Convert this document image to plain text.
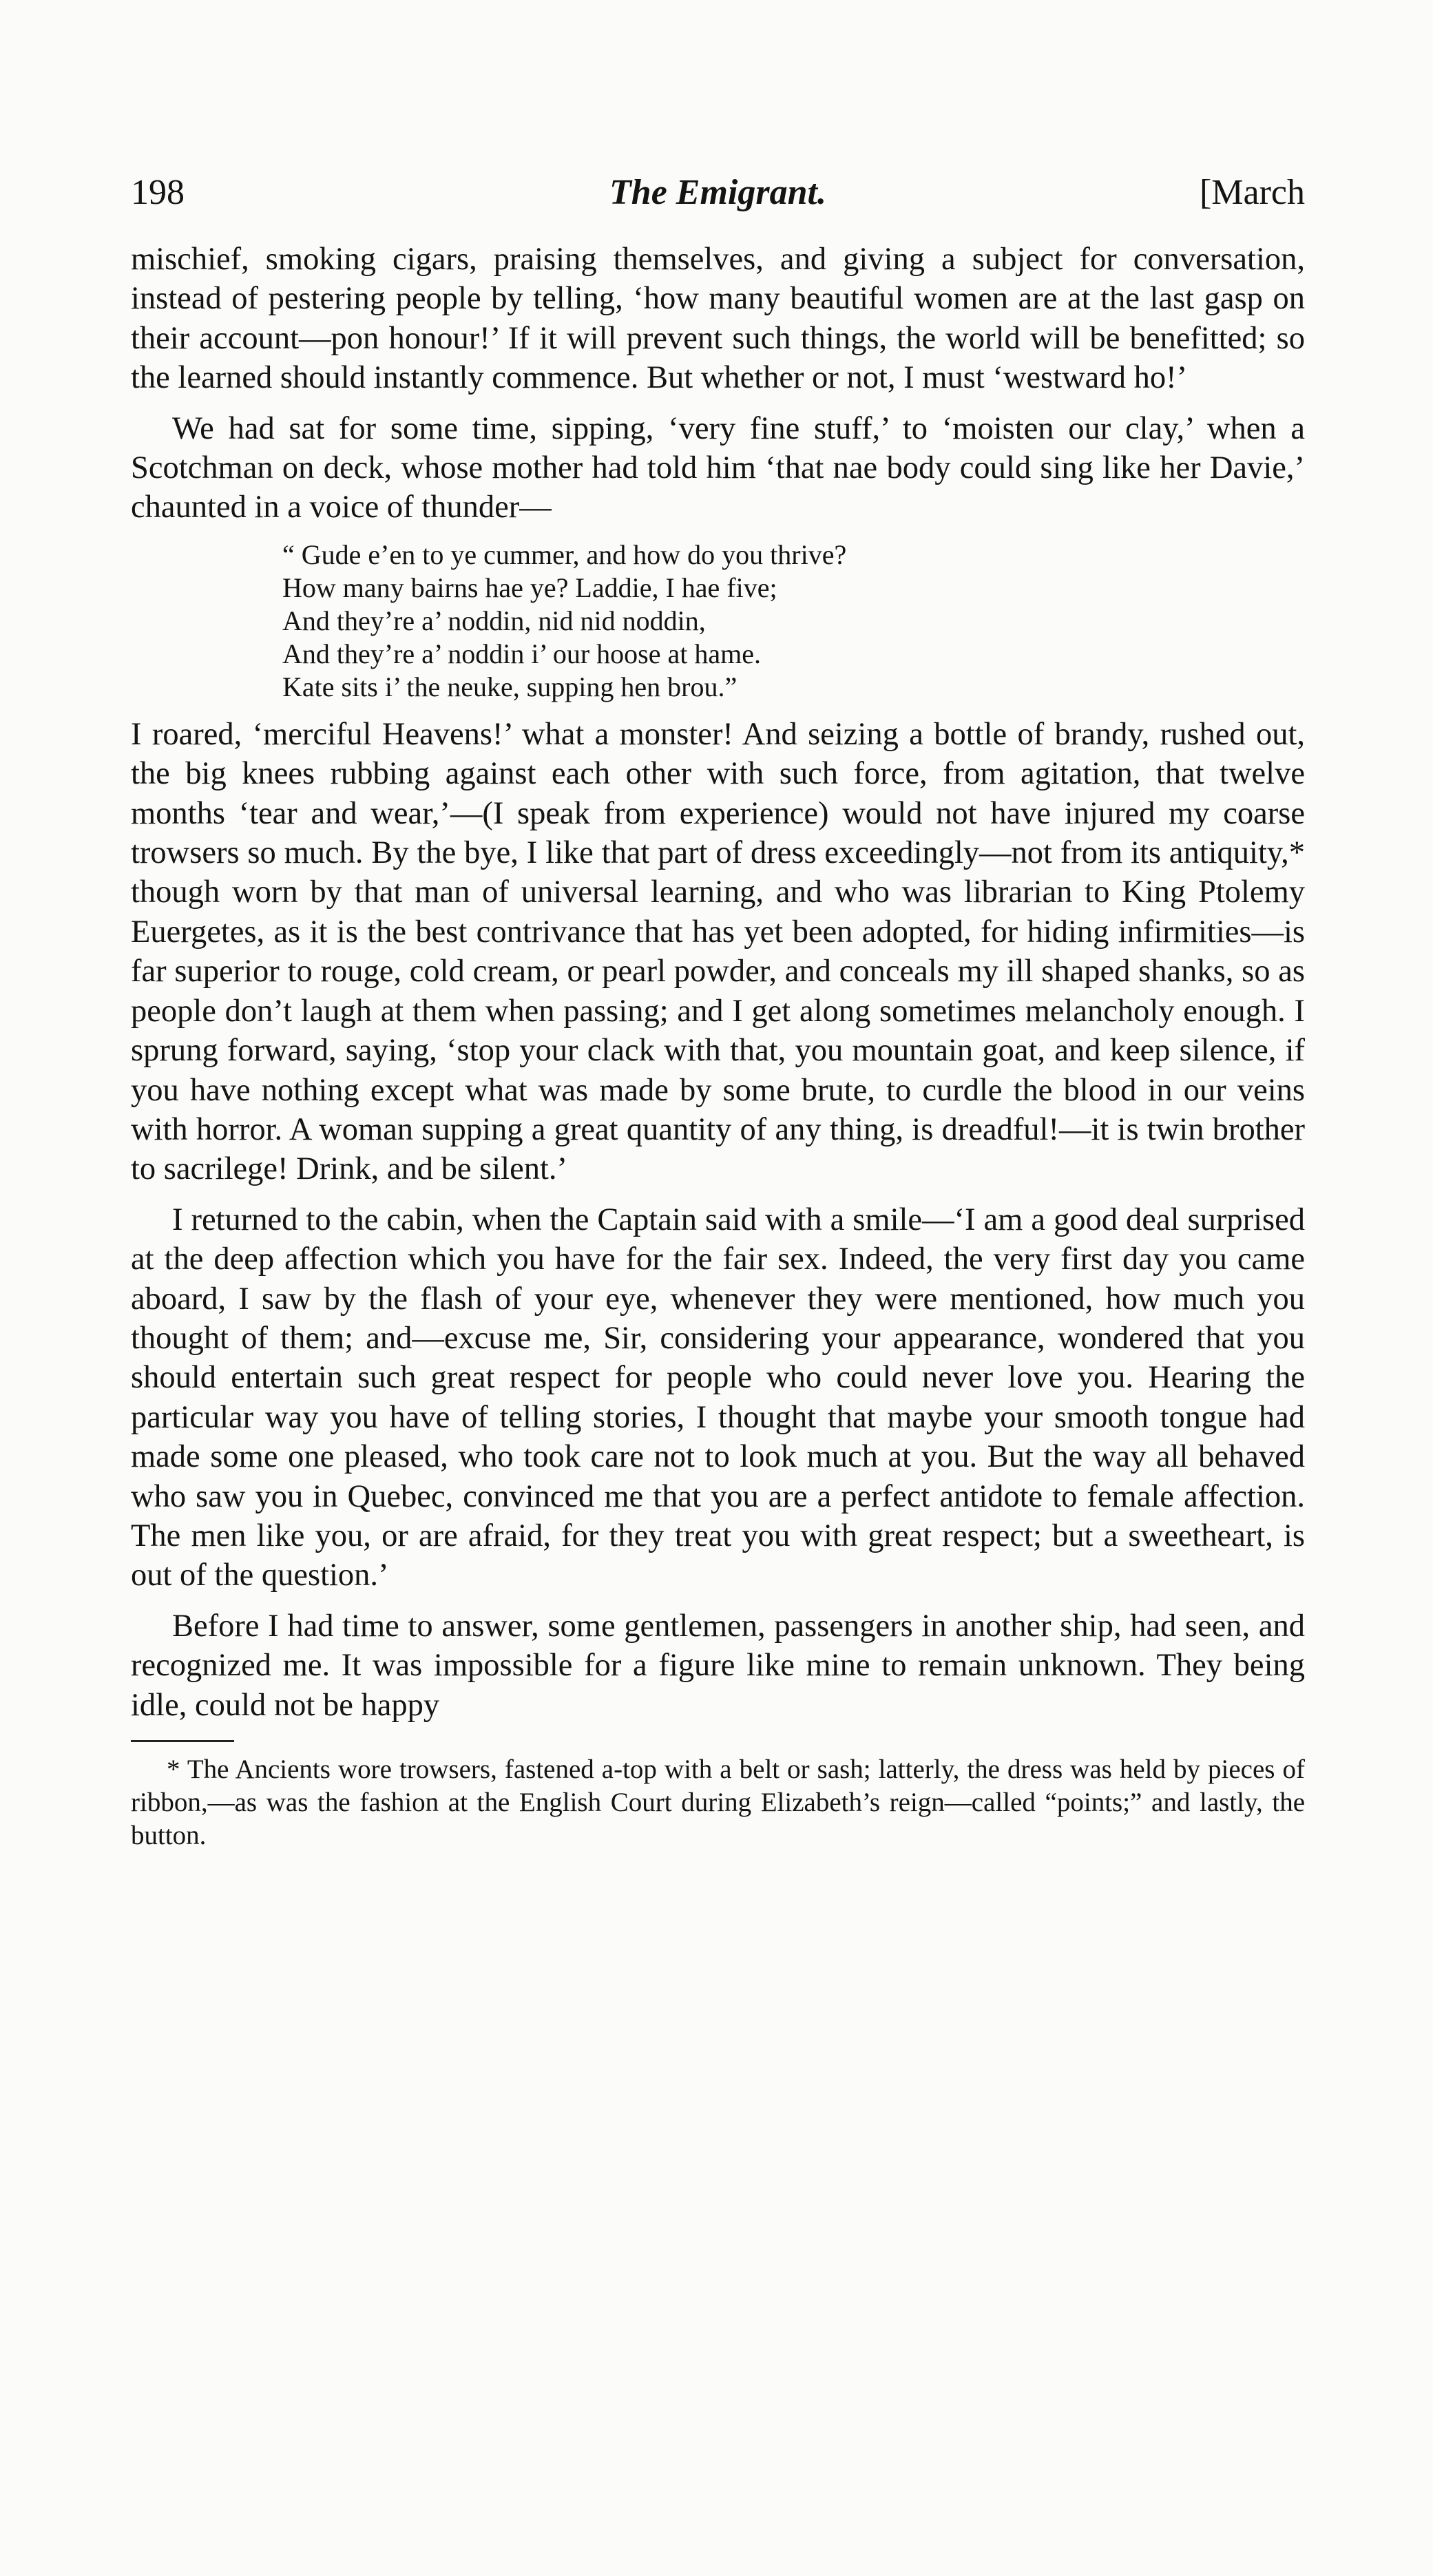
198	The Emigrant.	[March

mischief, smoking cigars, praising themselves, and giving a subject for conversation, instead of pestering people by telling, ‘how many beautiful women are at the last gasp on their account—pon honour!’ If it will prevent such things, the world will be benefitted; so the learned should instantly commence. But whether or not, I must ‘westward ho!’

We had sat for some time, sipping, ‘very fine stuff,’ to ‘moisten our clay,’ when a Scotchman on deck, whose mother had told him ‘that nae body could sing like her Davie,’ chaunted in a voice of thunder—

“ Gude e’en to ye cummer, and how do you thrive?
How many bairns hae ye? Laddie, I hae five;
And they’re a’ noddin, nid nid noddin,
And they’re a’ noddin i’ our hoose at hame.
Kate sits i’ the neuke, supping hen brou.”

I roared, ‘merciful Heavens!’ what a monster! And seizing a bottle of brandy, rushed out, the big knees rubbing against each other with such force, from agitation, that twelve months ‘tear and wear,’—(I speak from experience) would not have injured my coarse trowsers so much. By the bye, I like that part of dress exceedingly—not from its antiquity,* though worn by that man of universal learning, and who was librarian to King Ptolemy Euergetes, as it is the best contrivance that has yet been adopted, for hiding infirmities—is far superior to rouge, cold cream, or pearl powder, and conceals my ill shaped shanks, so as people don’t laugh at them when passing; and I get along sometimes melancholy enough. I sprung forward, saying, ‘stop your clack with that, you mountain goat, and keep silence, if you have nothing except what was made by some brute, to curdle the blood in our veins with horror. A woman supping a great quantity of any thing, is dreadful!—it is twin brother to sacrilege! Drink, and be silent.’

I returned to the cabin, when the Captain said with a smile—‘I am a good deal surprised at the deep affection which you have for the fair sex. Indeed, the very first day you came aboard, I saw by the flash of your eye, whenever they were mentioned, how much you thought of them; and—excuse me, Sir, considering your appearance, wondered that you should entertain such great respect for people who could never love you. Hearing the particular way you have of telling stories, I thought that maybe your smooth tongue had made some one pleased, who took care not to look much at you. But the way all behaved who saw you in Quebec, convinced me that you are a perfect antidote to female affection. The men like you, or are afraid, for they treat you with great respect; but a sweetheart, is out of the question.’

Before I had time to answer, some gentlemen, passengers in another ship, had seen, and recognized me. It was impossible for a figure like mine to remain unknown. They being idle, could not be happy

* The Ancients wore trowsers, fastened a-top with a belt or sash; latterly, the dress was held by pieces of ribbon,—as was the fashion at the English Court during Elizabeth’s reign—called “points;” and lastly, the button.
